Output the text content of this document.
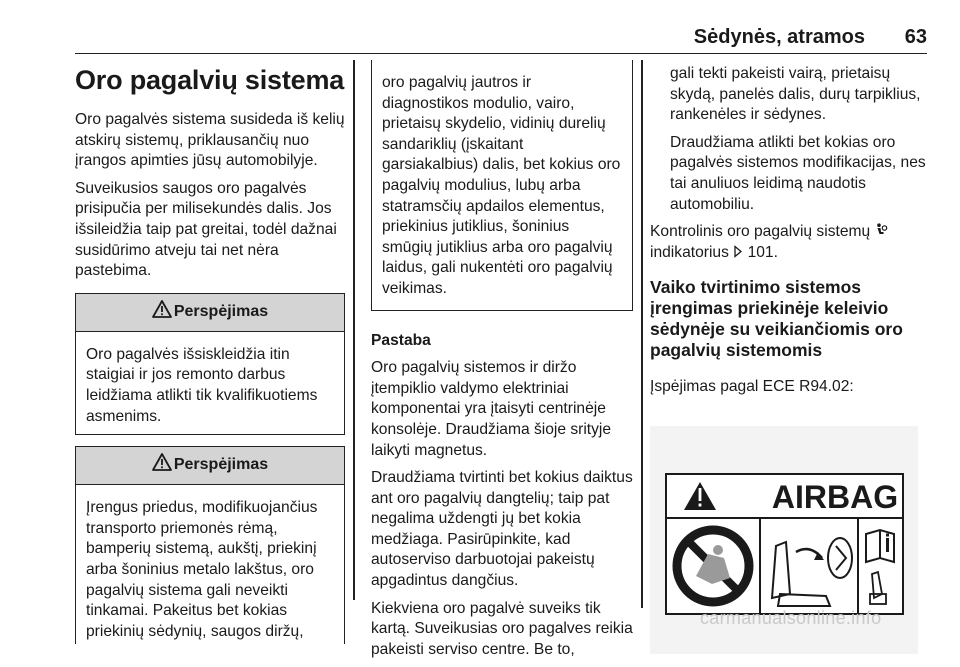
Sėdynės, atramos 63
Oro pagalvių sistema

Oro pagalvės sistema susideda iš kelių atskirų sistemų, priklausančių nuo įrangos apimties jūsų automobilyje.

Suveikusios saugos oro pagalvės prisipučia per milisekundės dalis. Jos išsileidžia taip pat greitai, todėl dažnai susidūrimo atveju tai net nėra pastebima.

Perspėjimas
Oro pagalvės išsiskleidžia itin staigiai ir jos remonto darbus leidžiama atlikti tik kvalifikuotiems asmenims.
Perspėjimas
Įrengus priedus, modifikuojančius transporto priemonės rėmą, bamperių sistemą, aukštį, priekinį arba šoninius metalo lakštus, oro pagalvių sistema gali neveikti tinkamai. Pakeitus bet kokias priekinių sėdynių, saugos diržų,
oro pagalvių jautros ir diagnostikos modulio, vairo, prietaisų skydelio, vidinių durelių sandariklių (įskaitant garsiakalbius) dalis, bet kokius oro pagalvių modulius, lubų arba statramsčių apdailos elementus, priekinius jutiklius, šoninius smūgių jutiklius arba oro pagalvių laidus, gali nukentėti oro pagalvių veikimas.

Pastaba

Oro pagalvių sistemos ir diržo įtempiklio valdymo elektriniai komponentai yra įtaisyti centrinėje konsolėje. Draudžiama šioje srityje laikyti magnetus.

Draudžiama tvirtinti bet kokius daiktus ant oro pagalvių dangtelių; taip pat negalima uždengti jų bet kokia medžiaga. Pasirūpinkite, kad autoserviso darbuotojai pakeistų apgadintus dangčius.

Kiekviena oro pagalvė suveiks tik kartą. Suveikusias oro pagalves reikia pakeisti serviso centre. Be to,

gali tekti pakeisti vairą, prietaisų skydą, panelės dalis, durų tarpiklius, rankenėles ir sėdynes.

Draudžiama atlikti bet kokias oro pagalvės sistemos modifikacijas, nes tai anuliuos leidimą naudotis automobiliu.

Kontrolinis oro pagalvių sistemų
indikatorius 101.

Vaiko tvirtinimo sistemos įrengimas priekinėje keleivio sėdynėje su veikiančiomis oro pagalvių sistemomis

Įspėjimas pagal ECE R94.02:

AIRBAG
carmanualsonline.info
